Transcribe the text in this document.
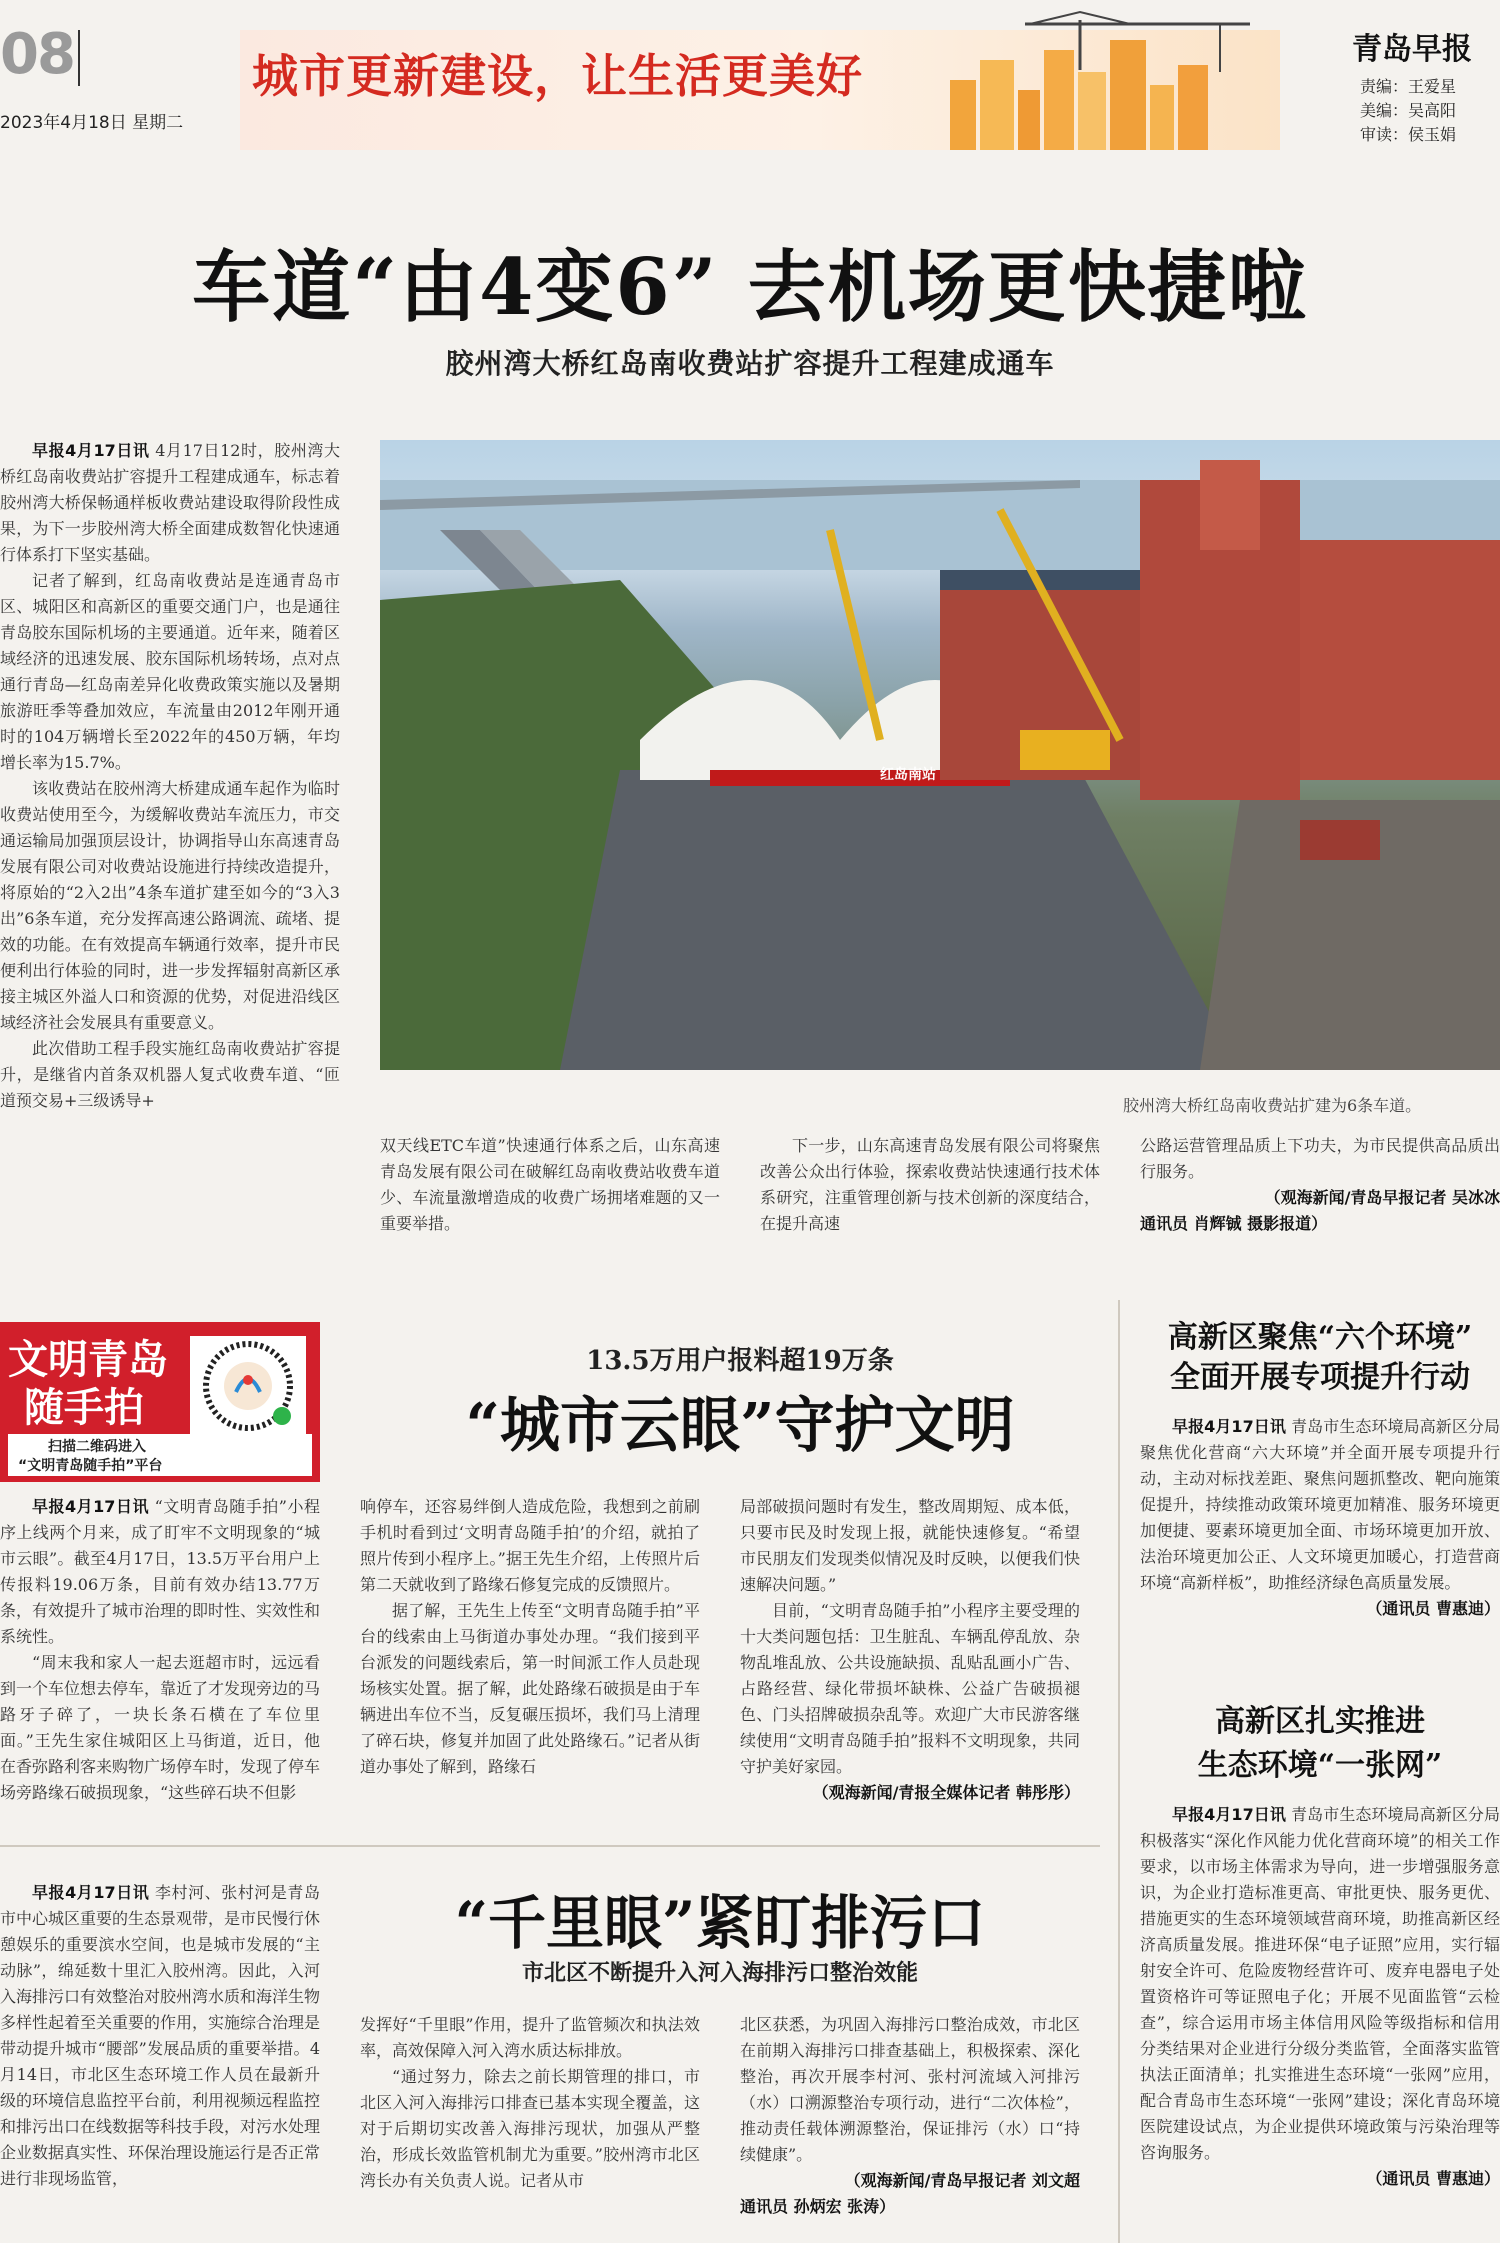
08
2023年4月18日 星期二
城市更新建设，让生活更美好	青岛早报
责编：王爱星
美编：吴高阳
审读：侯玉娟
车道“由4变6” 去机场更快捷啦
胶州湾大桥红岛南收费站扩容提升工程建成通车
红岛南站
胶州湾大桥红岛南收费站扩建为6条车道。

早报4月17日讯 4月17日12时，胶州湾大桥红岛南收费站扩容提升工程建成通车，标志着胶州湾大桥保畅通样板收费站建设取得阶段性成果，为下一步胶州湾大桥全面建成数智化快速通行体系打下坚实基础。

记者了解到，红岛南收费站是连通青岛市区、城阳区和高新区的重要交通门户，也是通往青岛胶东国际机场的主要通道。近年来，随着区域经济的迅速发展、胶东国际机场转场，点对点通行青岛—红岛南差异化收费政策实施以及暑期旅游旺季等叠加效应，车流量由2012年刚开通时的104万辆增长至2022年的450万辆，年均增长率为15.7%。

该收费站在胶州湾大桥建成通车起作为临时收费站使用至今，为缓解收费站车流压力，市交通运输局加强顶层设计，协调指导山东高速青岛发展有限公司对收费站设施进行持续改造提升，将原始的“2入2出”4条车道扩建至如今的“3入3出”6条车道，充分发挥高速公路调流、疏堵、提效的功能。在有效提高车辆通行效率，提升市民便利出行体验的同时，进一步发挥辐射高新区承接主城区外溢人口和资源的优势，对促进沿线区域经济社会发展具有重要意义。

此次借助工程手段实施红岛南收费站扩容提升，是继省内首条双机器人复式收费车道、“匝道预交易+三级诱导+

双天线ETC车道”快速通行体系之后，山东高速青岛发展有限公司在破解红岛南收费站收费车道少、车流量激增造成的收费广场拥堵难题的又一重要举措。

下一步，山东高速青岛发展有限公司将聚焦改善公众出行体验，探索收费站快速通行技术体系研究，注重管理创新与技术创新的深度结合，在提升高速

公路运营管理品质上下功夫，为市民提供高品质出行服务。

（观海新闻/青岛早报记者 吴冰冰

通讯员 肖辉铖 摄影报道）

文明青岛
随手拍
扫描二维码进入
“文明青岛随手拍”平台
13.5万用户报料超19万条
“城市云眼”守护文明

早报4月17日讯 “文明青岛随手拍”小程序上线两个月来，成了盯牢不文明现象的“城市云眼”。截至4月17日，13.5万平台用户上传报料19.06万条，目前有效办结13.77万条，有效提升了城市治理的即时性、实效性和系统性。

“周末我和家人一起去逛超市时，远远看到一个车位想去停车，靠近了才发现旁边的马路牙子碎了，一块长条石横在了车位里面。”王先生家住城阳区上马街道，近日，他在香弥路利客来购物广场停车时，发现了停车场旁路缘石破损现象，“这些碎石块不但影

响停车，还容易绊倒人造成危险，我想到之前刷手机时看到过‘文明青岛随手拍’的介绍，就拍了照片传到小程序上。”据王先生介绍，上传照片后第二天就收到了路缘石修复完成的反馈照片。

据了解，王先生上传至“文明青岛随手拍”平台的线索由上马街道办事处办理。“我们接到平台派发的问题线索后，第一时间派工作人员赴现场核实处置。据了解，此处路缘石破损是由于车辆进出车位不当，反复碾压损坏，我们马上清理了碎石块，修复并加固了此处路缘石。”记者从街道办事处了解到，路缘石

局部破损问题时有发生，整改周期短、成本低，只要市民及时发现上报，就能快速修复。“希望市民朋友们发现类似情况及时反映，以便我们快速解决问题。”

目前，“文明青岛随手拍”小程序主要受理的十大类问题包括：卫生脏乱、车辆乱停乱放、杂物乱堆乱放、公共设施缺损、乱贴乱画小广告、占路经营、绿化带损坏缺株、公益广告破损褪色、门头招牌破损杂乱等。欢迎广大市民游客继续使用“文明青岛随手拍”报料不文明现象，共同守护美好家园。

（观海新闻/青报全媒体记者 韩彤彤）

高新区聚焦“六个环境”
全面开展专项提升行动

早报4月17日讯 青岛市生态环境局高新区分局聚焦优化营商“六大环境”并全面开展专项提升行动，主动对标找差距、聚焦问题抓整改、靶向施策促提升，持续推动政策环境更加精准、服务环境更加便捷、要素环境更加全面、市场环境更加开放、法治环境更加公正、人文环境更加暖心，打造营商环境“高新样板”，助推经济绿色高质量发展。

（通讯员 曹惠迪）

高新区扎实推进
生态环境“一张网”

早报4月17日讯 青岛市生态环境局高新区分局积极落实“深化作风能力优化营商环境”的相关工作要求，以市场主体需求为导向，进一步增强服务意识，为企业打造标准更高、审批更快、服务更优、措施更实的生态环境领域营商环境，助推高新区经济高质量发展。推进环保“电子证照”应用，实行辐射安全许可、危险废物经营许可、废弃电器电子处置资格许可等证照电子化；开展不见面监管“云检查”，综合运用市场主体信用风险等级指标和信用分类结果对企业进行分级分类监管，全面落实监管执法正面清单；扎实推进生态环境“一张网”应用，配合青岛市生态环境“一张网”建设；深化青岛环境医院建设试点，为企业提供环境政策与污染治理等咨询服务。

（通讯员 曹惠迪）

“千里眼”紧盯排污口
市北区不断提升入河入海排污口整治效能

早报4月17日讯 李村河、张村河是青岛市中心城区重要的生态景观带，是市民慢行休憩娱乐的重要滨水空间，也是城市发展的“主动脉”，绵延数十里汇入胶州湾。因此，入河入海排污口有效整治对胶州湾水质和海洋生物多样性起着至关重要的作用，实施综合治理是带动提升城市“腰部”发展品质的重要举措。4月14日，市北区生态环境工作人员在最新升级的环境信息监控平台前，利用视频远程监控和排污出口在线数据等科技手段，对污水处理企业数据真实性、环保治理设施运行是否正常进行非现场监管，

发挥好“千里眼”作用，提升了监管频次和执法效率，高效保障入河入湾水质达标排放。

“通过努力，除去之前长期管理的排口，市北区入河入海排污口排查已基本实现全覆盖，这对于后期切实改善入海排污现状，加强从严整治，形成长效监管机制尤为重要。”胶州湾市北区湾长办有关负责人说。记者从市

北区获悉，为巩固入海排污口整治成效，市北区在前期入海排污口排查基础上，积极探索、深化整治，再次开展李村河、张村河流域入河排污（水）口溯源整治专项行动，进行“二次体检”，推动责任载体溯源整治，保证排污（水）口“持续健康”。

（观海新闻/青岛早报记者 刘文超

通讯员 孙炳宏 张涛）
